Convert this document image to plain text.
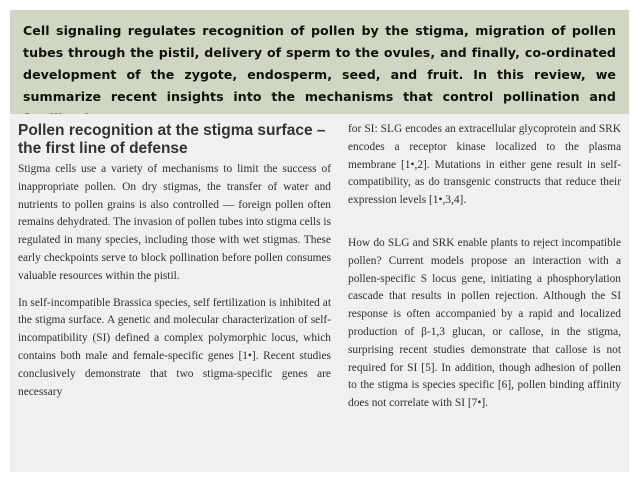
Cell signaling regulates recognition of pollen by the stigma, migration of pollen tubes through the pistil, delivery of sperm to the ovules, and finally, co-ordinated development of the zygote, endosperm, seed, and fruit. In this review, we summarize recent insights into the mechanisms that control pollination and
Pollen recognition at the stigma surface – the first line of defense

Stigma cells use a variety of mechanisms to limit the success of inappropriate pollen. On dry stigmas, the transfer of water and nutrients to pollen grains is also controlled — foreign pollen often remains dehydrated. The invasion of pollen tubes into stigma cells is regulated in many species, including those with wet stigmas. These early checkpoints serve to block pollination before pollen consumes valuable resources within the pistil.

In self-incompatible Brassica species, self fertilization is inhibited at the stigma surface. A genetic and molecular characterization of self-incompatibility (SI) defined a complex polymorphic locus, which contains both male and female-specific genes [1•]. Recent studies conclusively demonstrate that two stigma-specific genes are necessary

for SI: SLG encodes an extracellular glycoprotein and SRK encodes a receptor kinase localized to the plasma membrane [1•,2]. Mutations in either gene result in self-compatibility, as do transgenic constructs that reduce their expression levels [1•,3,4].

How do SLG and SRK enable plants to reject incompatible pollen? Current models propose an interaction with a pollen-specific S locus gene, initiating a phosphorylation cascade that results in pollen rejection. Although the SI response is often accompanied by a rapid and localized production of β-1,3 glucan, or callose, in the stigma, surprising recent studies demonstrate that callose is not required for SI [5]. In addition, though adhesion of pollen to the stigma is species specific [6], pollen binding affinity does not correlate with SI [7•].
